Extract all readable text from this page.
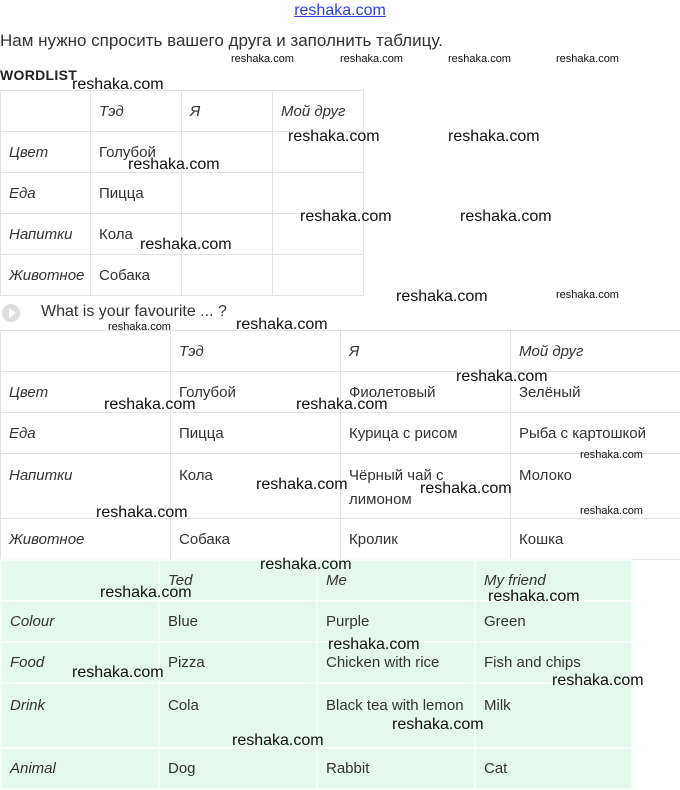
reshaka.com
Нам нужно спросить вашего друга и заполнить таблицу.
WORDLIST
	Тэд	Я	Мой друг
Цвет	Голубой		
Еда	Пицца		
Напитки	Кола		
Животное	Собака		
What is your favourite ... ?
	Тэд	Я	Мой друг
Цвет	Голубой	Фиолетовый	Зелёный
Еда	Пицца	Курица с рисом	Рыба с картошкой
Напитки	Кола	Чёрный чай с лимоном	Молоко
Животное	Собака	Кролик	Кошка
	Ted	Me	My friend
Colour	Blue	Purple	Green
Food	Pizza	Chicken with rice	Fish and chips
Drink	Cola	Black tea with lemon	Milk
Animal	Dog	Rabbit	Cat
reshaka.com	reshaka.com	reshaka.com	reshaka.com
reshaka.com
reshaka.com	reshaka.com
reshaka.com
reshaka.com	reshaka.com
reshaka.com
reshaka.com	reshaka.com
reshaka.com	reshaka.com
reshaka.com
reshaka.com	reshaka.com
reshaka.com
reshaka.com	reshaka.com
reshaka.com	reshaka.com
reshaka.com
reshaka.com	reshaka.com
reshaka.com
reshaka.com	reshaka.com
reshaka.com
reshaka.com
